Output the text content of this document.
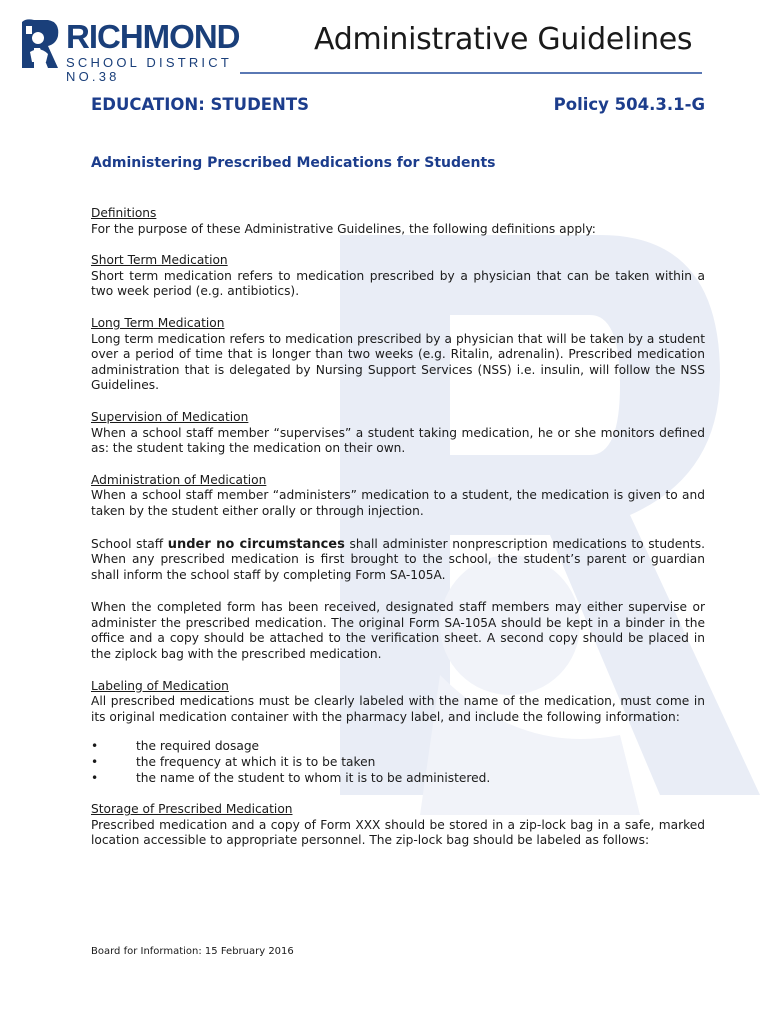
RICHMOND
SCHOOL DISTRICT NO.38
Administrative Guidelines
EDUCATION: STUDENTS	Policy 504.3.1-G
Administering Prescribed Medications for Students

Definitions
For the purpose of these Administrative Guidelines, the following definitions apply:

Short Term Medication
Short term medication refers to medication prescribed by a physician that can be taken within a two week period (e.g. antibiotics).

Long Term Medication
Long term medication refers to medication prescribed by a physician that will be taken by a student over a period of time that is longer than two weeks (e.g. Ritalin, adrenalin). Prescribed medication administration that is delegated by Nursing Support Services (NSS) i.e. insulin, will follow the NSS Guidelines.

Supervision of Medication
When a school staff member “supervises” a student taking medication, he or she monitors defined as: the student taking the medication on their own.

Administration of Medication
When a school staff member “administers” medication to a student, the medication is given to and taken by the student either orally or through injection.

School staff under no circumstances shall administer nonprescription medications to students. When any prescribed medication is first brought to the school, the student’s parent or guardian shall inform the school staff by completing Form SA-105A.

When the completed form has been received, designated staff members may either supervise or administer the prescribed medication. The original Form SA-105A should be kept in a binder in the office and a copy should be attached to the verification sheet. A second copy should be placed in the ziplock bag with the prescribed medication.

Labeling of Medication
All prescribed medications must be clearly labeled with the name of the medication, must come in its original medication container with the pharmacy label, and include the following information:

• the required dosage
• the frequency at which it is to be taken
• the name of the student to whom it is to be administered.

Storage of Prescribed Medication
Prescribed medication and a copy of Form XXX should be stored in a zip-lock bag in a safe, marked location accessible to appropriate personnel. The zip-lock bag should be labeled as follows:

Board for Information: 15 February 2016
